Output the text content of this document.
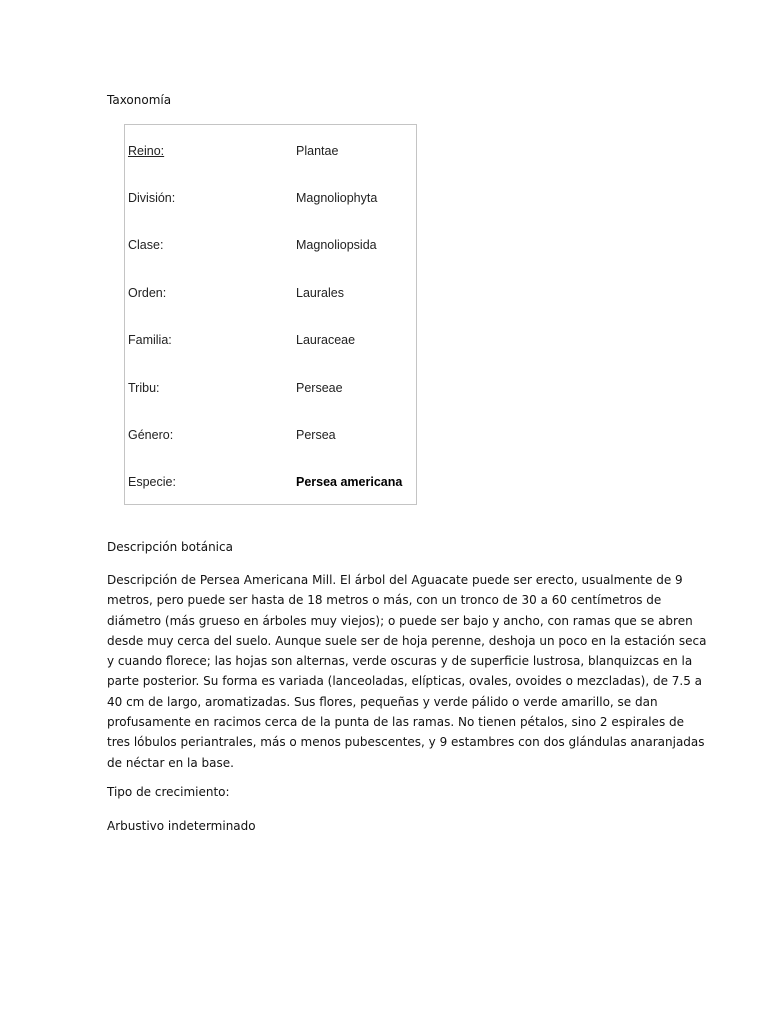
Taxonomía
Reino:	Plantae
División:	Magnoliophyta
Clase:	Magnoliopsida
Orden:	Laurales
Familia:	Lauraceae
Tribu:	Perseae
Género:	Persea
Especie:	Persea americana
Descripción botánica
Descripción de Persea Americana Mill. El árbol del Aguacate puede ser erecto, usualmente de 9
metros, pero puede ser hasta de 18 metros o más, con un tronco de 30 a 60 centímetros de
diámetro (más grueso en árboles muy viejos); o puede ser bajo y ancho, con ramas que se abren
desde muy cerca del suelo. Aunque suele ser de hoja perenne, deshoja un poco en la estación seca
y cuando florece; las hojas son alternas, verde oscuras y de superficie lustrosa, blanquizcas en la
parte posterior. Su forma es variada (lanceoladas, elípticas, ovales, ovoides o mezcladas), de 7.5 a
40 cm de largo, aromatizadas. Sus flores, pequeñas y verde pálido o verde amarillo, se dan
profusamente en racimos cerca de la punta de las ramas. No tienen pétalos, sino 2 espirales de
tres lóbulos periantrales, más o menos pubescentes, y 9 estambres con dos glándulas anaranjadas
de néctar en la base.
Tipo de crecimiento:
Arbustivo indeterminado
